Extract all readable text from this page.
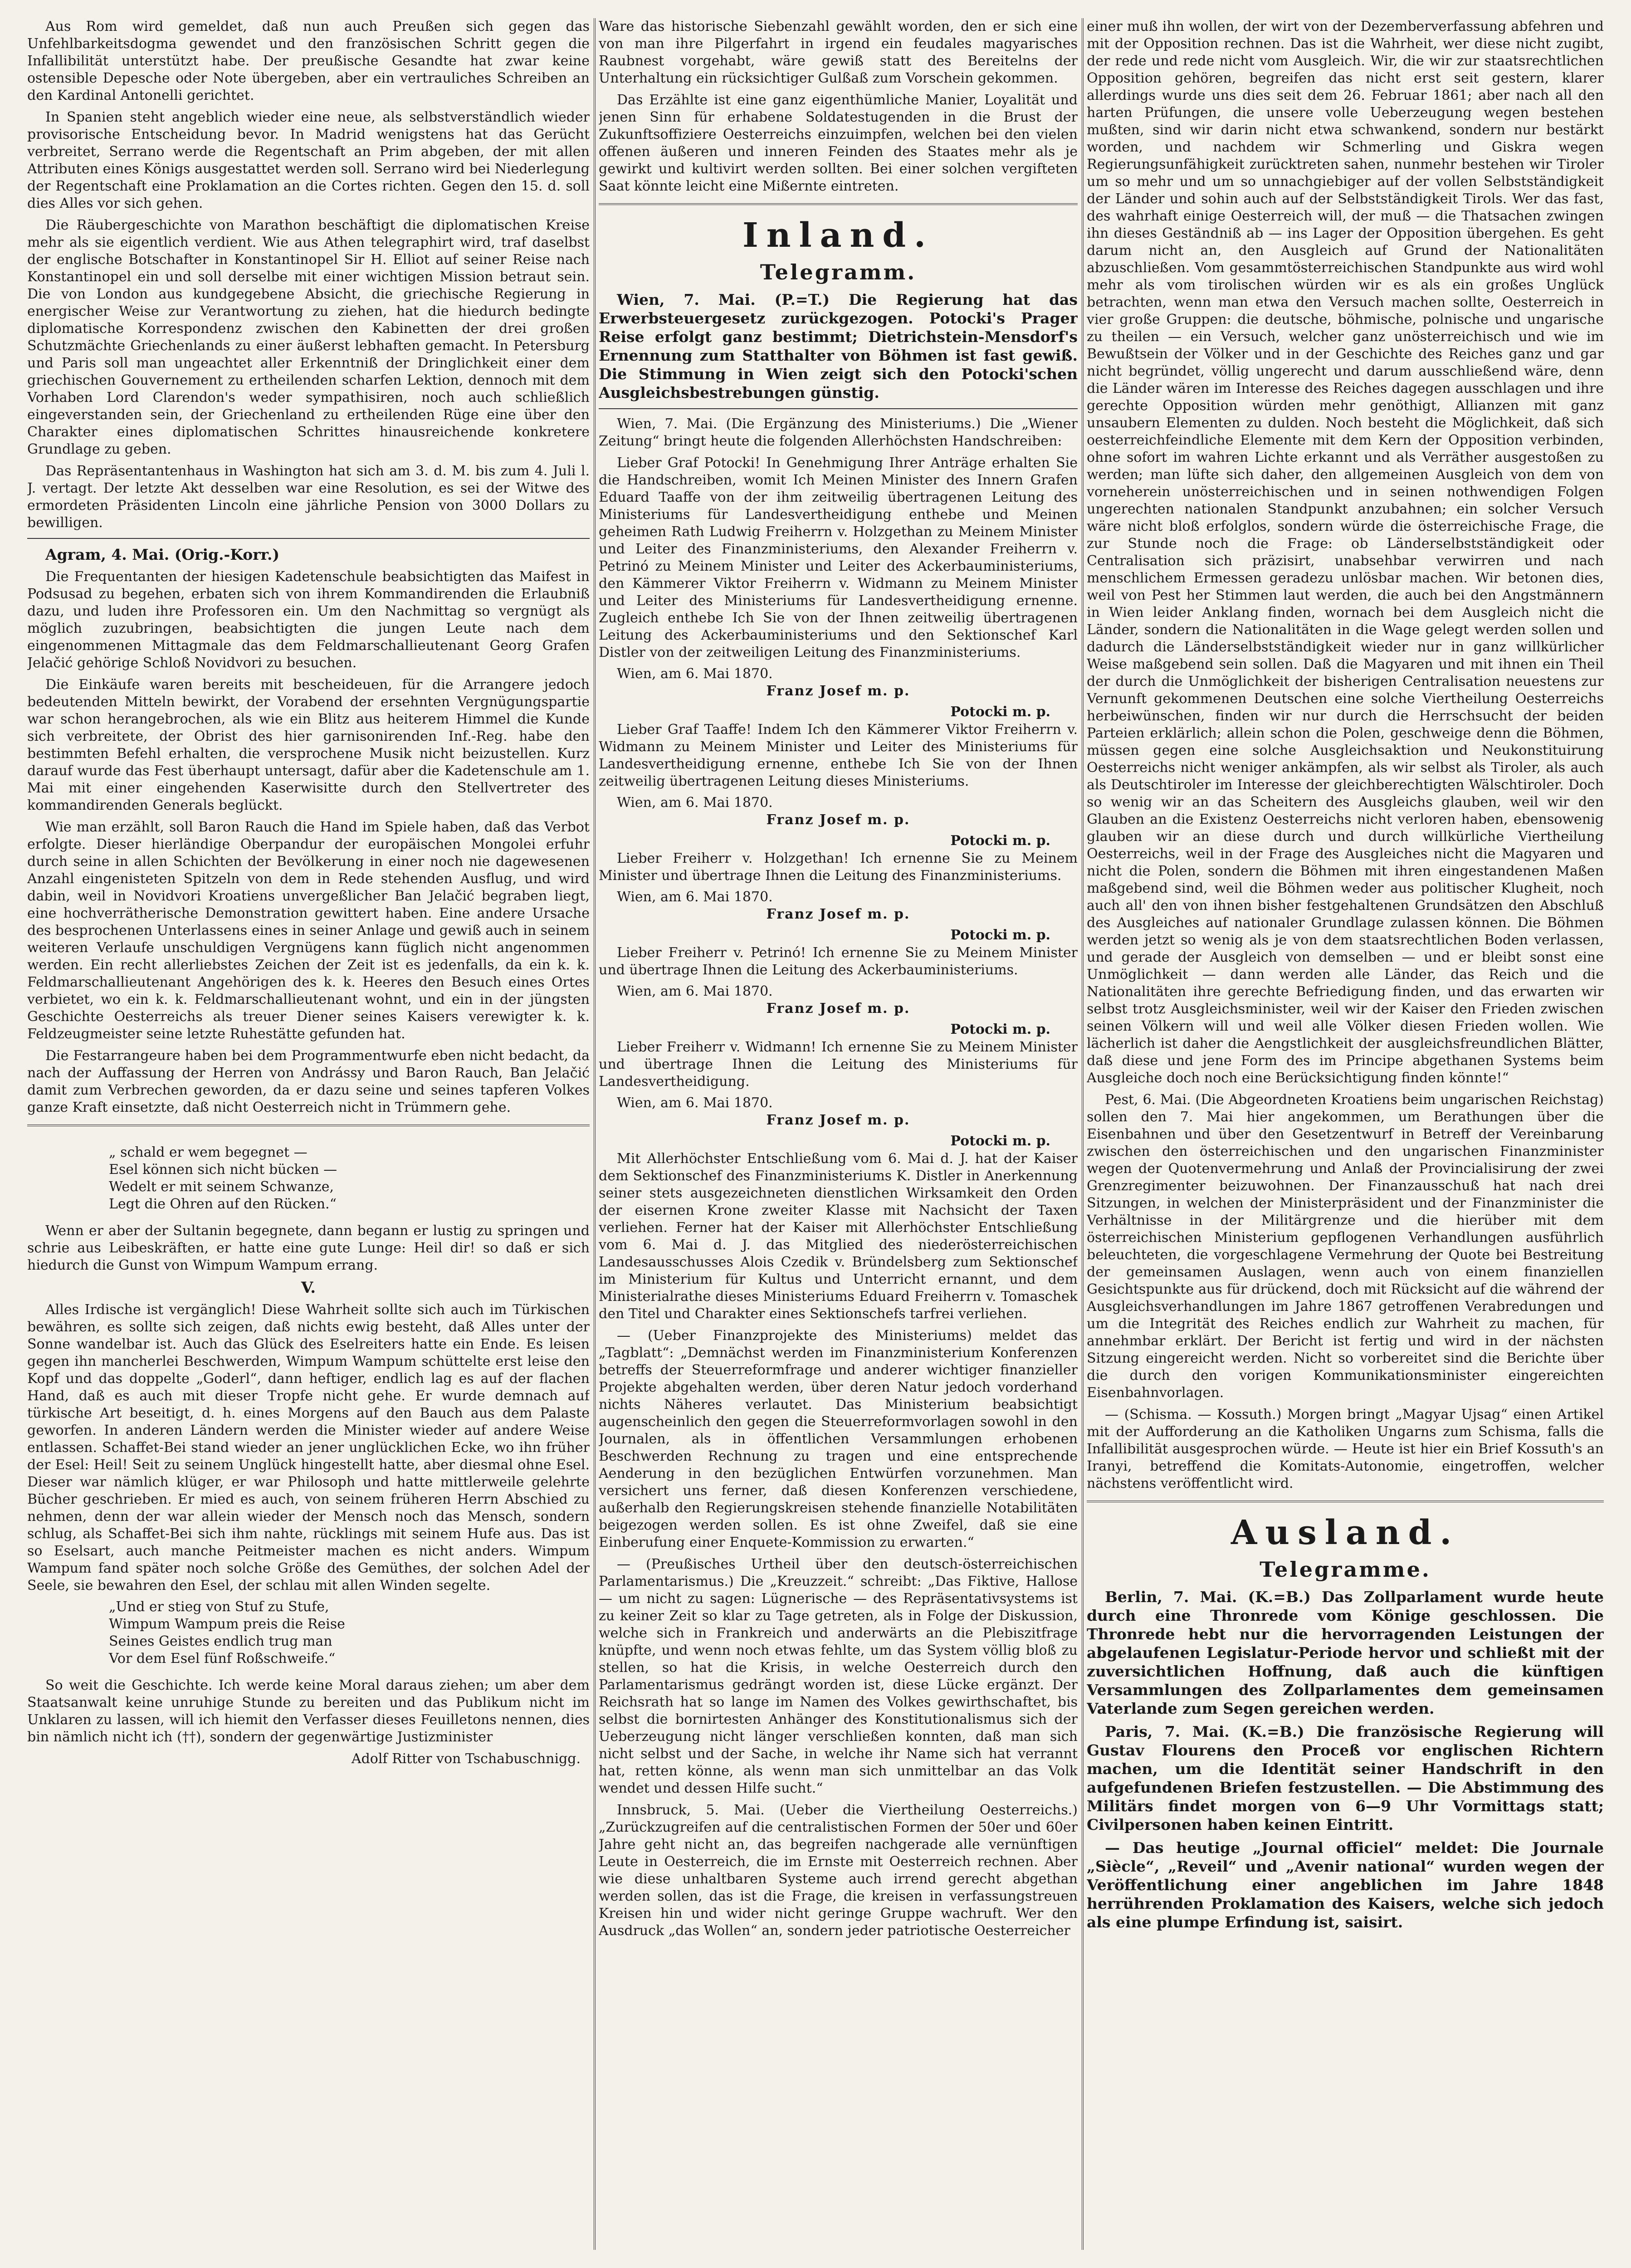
Aus Rom wird gemeldet, daß nun auch Preußen sich gegen das Unfehlbarkeitsdogma gewendet und den französischen Schritt gegen die Infallibilität unterstützt habe. Der preußische Gesandte hat zwar keine ostensible Depesche oder Note übergeben, aber ein vertrauliches Schreiben an den Kardinal Antonelli gerichtet.

In Spanien steht angeblich wieder eine neue, als selbstverständlich wieder provisorische Entscheidung bevor. In Madrid wenigstens hat das Gerücht verbreitet, Serrano werde die Regentschaft an Prim abgeben, der mit allen Attributen eines Königs ausgestattet werden soll. Serrano wird bei Niederlegung der Regentschaft eine Proklamation an die Cortes richten. Gegen den 15. d. soll dies Alles vor sich gehen.

Die Räubergeschichte von Marathon beschäftigt die diplomatischen Kreise mehr als sie eigentlich verdient. Wie aus Athen telegraphirt wird, traf daselbst der englische Botschafter in Konstantinopel Sir H. Elliot auf seiner Reise nach Konstantinopel ein und soll derselbe mit einer wichtigen Mission betraut sein. Die von London aus kundgegebene Absicht, die griechische Regierung in energischer Weise zur Verantwortung zu ziehen, hat die hiedurch bedingte diplomatische Korrespondenz zwischen den Kabinetten der drei großen Schutzmächte Griechenlands zu einer äußerst lebhaften gemacht. In Petersburg und Paris soll man ungeachtet aller Erkenntniß der Dringlichkeit einer dem griechischen Gouvernement zu ertheilenden scharfen Lektion, dennoch mit dem Vorhaben Lord Clarendon's weder sympathisiren, noch auch schließlich eingeverstanden sein, der Griechenland zu ertheilenden Rüge eine über den Charakter eines diplomatischen Schrittes hinausreichende konkretere Grundlage zu geben.

Das Repräsentantenhaus in Washington hat sich am 3. d. M. bis zum 4. Juli l. J. vertagt. Der letzte Akt desselben war eine Resolution, es sei der Witwe des ermordeten Präsidenten Lincoln eine jährliche Pension von 3000 Dollars zu bewilligen.

Agram, 4. Mai. (Orig.-Korr.)

Die Frequentanten der hiesigen Kadetenschule beabsichtigten das Maifest in Podsusad zu begehen, erbaten sich von ihrem Kommandirenden die Erlaubniß dazu, und luden ihre Professoren ein. Um den Nachmittag so vergnügt als möglich zuzubringen, beabsichtigten die jungen Leute nach dem eingenommenen Mittagmale das dem Feldmarschallieutenant Georg Grafen Jelačić gehörige Schloß Novidvori zu besuchen.

Die Einkäufe waren bereits mit bescheideuen, für die Arrangere jedoch bedeutenden Mitteln bewirkt, der Vorabend der ersehnten Vergnügungspartie war schon herangebrochen, als wie ein Blitz aus heiterem Himmel die Kunde sich verbreitete, der Obrist des hier garnisonirenden Inf.-Reg. habe den bestimmten Befehl erhalten, die versprochene Musik nicht beizustellen. Kurz darauf wurde das Fest überhaupt untersagt, dafür aber die Kadetenschule am 1. Mai mit einer eingehenden Kaserwisitte durch den Stellvertreter des kommandirenden Generals beglückt.

Wie man erzählt, soll Baron Rauch die Hand im Spiele haben, daß das Verbot erfolgte. Dieser hierländige Oberpandur der europäischen Mongolei erfuhr durch seine in allen Schichten der Bevölkerung in einer noch nie dagewesenen Anzahl eingenisteten Spitzeln von dem in Rede stehenden Ausflug, und wird dabin, weil in Novidvori Kroatiens unvergeßlicher Ban Jelačić begraben liegt, eine hochverrätherische Demonstration gewittert haben. Eine andere Ursache des besprochenen Unterlassens eines in seiner Anlage und gewiß auch in seinem weiteren Verlaufe unschuldigen Vergnügens kann füglich nicht angenommen werden. Ein recht allerliebstes Zeichen der Zeit ist es jedenfalls, da ein k. k. Feldmarschallieutenant Angehörigen des k. k. Heeres den Besuch eines Ortes verbietet, wo ein k. k. Feldmarschallieutenant wohnt, und ein in der jüngsten Geschichte Oesterreichs als treuer Diener seines Kaisers verewigter k. k. Feldzeugmeister seine letzte Ruhestätte gefunden hat.

Die Festarrangeure haben bei dem Programmentwurfe eben nicht bedacht, da nach der Auffassung der Herren von Andrássy und Baron Rauch, Ban Jelačić damit zum Verbrechen geworden, da er dazu seine und seines tapferen Volkes ganze Kraft einsetzte, daß nicht Oesterreich nicht in Trümmern gehe.

„ schald er wem begegnet —

Esel können sich nicht bücken —

Wedelt er mit seinem Schwanze,

Legt die Ohren auf den Rücken.“

Wenn er aber der Sultanin begegnete, dann begann er lustig zu springen und schrie aus Leibeskräften, er hatte eine gute Lunge: Heil dir! so daß er sich hiedurch die Gunst von Wimpum Wampum errang.

V.

Alles Irdische ist vergänglich! Diese Wahrheit sollte sich auch im Türkischen bewähren, es sollte sich zeigen, daß nichts ewig besteht, daß Alles unter der Sonne wandelbar ist. Auch das Glück des Eselreiters hatte ein Ende. Es leisen gegen ihn mancherlei Beschwerden, Wimpum Wampum schüttelte erst leise den Kopf und das doppelte „Goderl“, dann heftiger, endlich lag es auf der flachen Hand, daß es auch mit dieser Tropfe nicht gehe. Er wurde demnach auf türkische Art beseitigt, d. h. eines Morgens auf den Bauch aus dem Palaste geworfen. In anderen Ländern werden die Minister wieder auf andere Weise entlassen. Schaffet-Bei stand wieder an jener unglücklichen Ecke, wo ihn früher der Esel: Heil! Seit zu seinem Unglück hingestellt hatte, aber diesmal ohne Esel. Dieser war nämlich klüger, er war Philosoph und hatte mittlerweile gelehrte Bücher geschrieben. Er mied es auch, von seinem früheren Herrn Abschied zu nehmen, denn der war allein wieder der Mensch noch das Mensch, sondern schlug, als Schaffet-Bei sich ihm nahte, rücklings mit seinem Hufe aus. Das ist so Eselsart, auch manche Peitmeister machen es nicht anders. Wimpum Wampum fand später noch solche Größe des Gemüthes, der solchen Adel der Seele, sie bewahren den Esel, der schlau mit allen Winden segelte.

„Und er stieg von Stuf zu Stufe,

Wimpum Wampum preis die Reise

Seines Geistes endlich trug man

Vor dem Esel fünf Roßschweife.“

So weit die Geschichte. Ich werde keine Moral daraus ziehen; um aber dem Staatsanwalt keine unruhige Stunde zu bereiten und das Publikum nicht im Unklaren zu lassen, will ich hiemit den Verfasser dieses Feuilletons nennen, dies bin nämlich nicht ich (††), sondern der gegenwärtige Justizminister

Adolf Ritter von Tschabuschnigg.

Ware das historische Siebenzahl gewählt worden, den er sich eine von man ihre Pilgerfahrt in irgend ein feudales magyarisches Raubnest vorgehabt, wäre gewiß statt des Bereitelns der Unterhaltung ein rücksichtiger Gulßaß zum Vorschein gekommen.

Das Erzählte ist eine ganz eigenthümliche Manier, Loyalität und jenen Sinn für erhabene Soldatestugenden in die Brust der Zukunftsoffiziere Oesterreichs einzuimpfen, welchen bei den vielen offenen äußeren und inneren Feinden des Staates mehr als je gewirkt und kultivirt werden sollten. Bei einer solchen vergifteten Saat könnte leicht eine Mißernte eintreten.

Inland.
Telegramm.

Wien, 7. Mai. (P.=T.) Die Regierung hat das Erwerbsteuergesetz zurückgezogen. Potocki's Prager Reise erfolgt ganz bestimmt; Dietrichstein-Mensdorf's Ernennung zum Statthalter von Böhmen ist fast gewiß. Die Stimmung in Wien zeigt sich den Potocki'schen Ausgleichsbestrebungen günstig.

Wien, 7. Mai. (Die Ergänzung des Ministeriums.) Die „Wiener Zeitung“ bringt heute die folgenden Allerhöchsten Handschreiben:

Lieber Graf Potocki! In Genehmigung Ihrer Anträge erhalten Sie die Handschreiben, womit Ich Meinen Minister des Innern Grafen Eduard Taaffe von der ihm zeitweilig übertragenen Leitung des Ministeriums für Landesvertheidigung enthebe und Meinen geheimen Rath Ludwig Freiherrn v. Holzgethan zu Meinem Minister und Leiter des Finanzministeriums, den Alexander Freiherrn v. Petrinó zu Meinem Minister und Leiter des Ackerbauministeriums, den Kämmerer Viktor Freiherrn v. Widmann zu Meinem Minister und Leiter des Ministeriums für Landesvertheidigung ernenne. Zugleich enthebe Ich Sie von der Ihnen zeitweilig übertragenen Leitung des Ackerbauministeriums und den Sektionschef Karl Distler von der zeitweiligen Leitung des Finanzministeriums.

Wien, am 6. Mai 1870.

Franz Josef m. p.

Potocki m. p.

Lieber Graf Taaffe! Indem Ich den Kämmerer Viktor Freiherrn v. Widmann zu Meinem Minister und Leiter des Ministeriums für Landesvertheidigung ernenne, enthebe Ich Sie von der Ihnen zeitweilig übertragenen Leitung dieses Ministeriums.

Wien, am 6. Mai 1870.

Franz Josef m. p.

Potocki m. p.

Lieber Freiherr v. Holzgethan! Ich ernenne Sie zu Meinem Minister und übertrage Ihnen die Leitung des Finanzministeriums.

Wien, am 6. Mai 1870.

Franz Josef m. p.

Potocki m. p.

Lieber Freiherr v. Petrinó! Ich ernenne Sie zu Meinem Minister und übertrage Ihnen die Leitung des Ackerbauministeriums.

Wien, am 6. Mai 1870.

Franz Josef m. p.

Potocki m. p.

Lieber Freiherr v. Widmann! Ich ernenne Sie zu Meinem Minister und übertrage Ihnen die Leitung des Ministeriums für Landesvertheidigung.

Wien, am 6. Mai 1870.

Franz Josef m. p.

Potocki m. p.

Mit Allerhöchster Entschließung vom 6. Mai d. J. hat der Kaiser dem Sektionschef des Finanzministeriums K. Distler in Anerkennung seiner stets ausgezeichneten dienstlichen Wirksamkeit den Orden der eisernen Krone zweiter Klasse mit Nachsicht der Taxen verliehen. Ferner hat der Kaiser mit Allerhöchster Entschließung vom 6. Mai d. J. das Mitglied des niederösterreichischen Landesausschusses Alois Czedik v. Bründelsberg zum Sektionschef im Ministerium für Kultus und Unterricht ernannt, und dem Ministerialrathe dieses Ministeriums Eduard Freiherrn v. Tomaschek den Titel und Charakter eines Sektionschefs tarfrei verliehen.

— (Ueber Finanzprojekte des Ministeriums) meldet das „Tagblatt“: „Demnächst werden im Finanzministerium Konferenzen betreffs der Steuerreformfrage und anderer wichtiger finanzieller Projekte abgehalten werden, über deren Natur jedoch vorderhand nichts Näheres verlautet. Das Ministerium beabsichtigt augenscheinlich den gegen die Steuerreformvorlagen sowohl in den Journalen, als in öffentlichen Versammlungen erhobenen Beschwerden Rechnung zu tragen und eine entsprechende Aenderung in den bezüglichen Entwürfen vorzunehmen. Man versichert uns ferner, daß diesen Konferenzen verschiedene, außerhalb den Regierungskreisen stehende finanzielle Notabilitäten beigezogen werden sollen. Es ist ohne Zweifel, daß sie eine Einberufung einer Enquete-Kommission zu erwarten.“

— (Preußisches Urtheil über den deutsch-österreichischen Parlamentarismus.) Die „Kreuzzeit.“ schreibt: „Das Fiktive, Hallose — um nicht zu sagen: Lügnerische — des Repräsentativsystems ist zu keiner Zeit so klar zu Tage getreten, als in Folge der Diskussion, welche sich in Frankreich und anderwärts an die Plebiszitfrage knüpfte, und wenn noch etwas fehlte, um das System völlig bloß zu stellen, so hat die Krisis, in welche Oesterreich durch den Parlamentarismus gedrängt worden ist, diese Lücke ergänzt. Der Reichsrath hat so lange im Namen des Volkes gewirthschaftet, bis selbst die bornirtesten Anhänger des Konstitutionalismus sich der Ueberzeugung nicht länger verschließen konnten, daß man sich nicht selbst und der Sache, in welche ihr Name sich hat verrannt hat, retten könne, als wenn man sich unmittelbar an das Volk wendet und dessen Hilfe sucht.“

Innsbruck, 5. Mai. (Ueber die Viertheilung Oesterreichs.) „Zurückzugreifen auf die centralistischen Formen der 50er und 60er Jahre geht nicht an, das begreifen nachgerade alle vernünftigen Leute in Oesterreich, die im Ernste mit Oesterreich rechnen. Aber wie diese unhaltbaren Systeme auch irrend gerecht abgethan werden sollen, das ist die Frage, die kreisen in verfassungstreuen Kreisen hin und wider nicht geringe Gruppe wachruft. Wer den Ausdruck „das Wollen“ an, sondern jeder patriotische Oesterreicher

einer muß ihn wollen, der wirt von der Dezemberverfassung abfehren und mit der Opposition rechnen. Das ist die Wahrheit, wer diese nicht zugibt, der rede und rede nicht vom Ausgleich. Wir, die wir zur staatsrechtlichen Opposition gehören, begreifen das nicht erst seit gestern, klarer allerdings wurde uns dies seit dem 26. Februar 1861; aber nach all den harten Prüfungen, die unsere volle Ueberzeugung wegen bestehen mußten, sind wir darin nicht etwa schwankend, sondern nur bestärkt worden, und nachdem wir Schmerling und Giskra wegen Regierungsunfähigkeit zurücktreten sahen, nunmehr bestehen wir Tiroler um so mehr und um so unnachgiebiger auf der vollen Selbstständigkeit der Länder und sohin auch auf der Selbstständigkeit Tirols. Wer das fast, des wahrhaft einige Oesterreich will, der muß — die Thatsachen zwingen ihn dieses Geständniß ab — ins Lager der Opposition übergehen. Es geht darum nicht an, den Ausgleich auf Grund der Nationalitäten abzuschließen. Vom gesammtösterreichischen Standpunkte aus wird wohl mehr als vom tirolischen würden wir es als ein großes Unglück betrachten, wenn man etwa den Versuch machen sollte, Oesterreich in vier große Gruppen: die deutsche, böhmische, polnische und ungarische zu theilen — ein Versuch, welcher ganz unösterreichisch und wie im Bewußtsein der Völker und in der Geschichte des Reiches ganz und gar nicht begründet, völlig ungerecht und darum ausschließend wäre, denn die Länder wären im Interesse des Reiches dagegen ausschlagen und ihre gerechte Opposition würden mehr genöthigt, Allianzen mit ganz unsaubern Elementen zu dulden. Noch besteht die Möglichkeit, daß sich oesterreichfeindliche Elemente mit dem Kern der Opposition verbinden, ohne sofort im wahren Lichte erkannt und als Verräther ausgestoßen zu werden; man lüfte sich daher, den allgemeinen Ausgleich von dem von vorneherein unösterreichischen und in seinen nothwendigen Folgen ungerechten nationalen Standpunkt anzubahnen; ein solcher Versuch wäre nicht bloß erfolglos, sondern würde die österreichische Frage, die zur Stunde noch die Frage: ob Länderselbstständigkeit oder Centralisation sich präzisirt, unabsehbar verwirren und nach menschlichem Ermessen geradezu unlösbar machen. Wir betonen dies, weil von Pest her Stimmen laut werden, die auch bei den Angstmännern in Wien leider Anklang finden, wornach bei dem Ausgleich nicht die Länder, sondern die Nationalitäten in die Wage gelegt werden sollen und dadurch die Länderselbstständigkeit wieder nur in ganz willkürlicher Weise maßgebend sein sollen. Daß die Magyaren und mit ihnen ein Theil der durch die Unmöglichkeit der bisherigen Centralisation neuestens zur Vernunft gekommenen Deutschen eine solche Viertheilung Oesterreichs herbeiwünschen, finden wir nur durch die Herrschsucht der beiden Parteien erklärlich; allein schon die Polen, geschweige denn die Böhmen, müssen gegen eine solche Ausgleichsaktion und Neukonstituirung Oesterreichs nicht weniger ankämpfen, als wir selbst als Tiroler, als auch als Deutschtiroler im Interesse der gleichberechtigten Wälschtiroler. Doch so wenig wir an das Scheitern des Ausgleichs glauben, weil wir den Glauben an die Existenz Oesterreichs nicht verloren haben, ebensowenig glauben wir an diese durch und durch willkürliche Viertheilung Oesterreichs, weil in der Frage des Ausgleiches nicht die Magyaren und nicht die Polen, sondern die Böhmen mit ihren eingestandenen Maßen maßgebend sind, weil die Böhmen weder aus politischer Klugheit, noch auch all' den von ihnen bisher festgehaltenen Grundsätzen den Abschluß des Ausgleiches auf nationaler Grundlage zulassen können. Die Böhmen werden jetzt so wenig als je von dem staatsrechtlichen Boden verlassen, und gerade der Ausgleich von demselben — und er bleibt sonst eine Unmöglichkeit — dann werden alle Länder, das Reich und die Nationalitäten ihre gerechte Befriedigung finden, und das erwarten wir selbst trotz Ausgleichsminister, weil wir der Kaiser den Frieden zwischen seinen Völkern will und weil alle Völker diesen Frieden wollen. Wie lächerlich ist daher die Aengstlichkeit der ausgleichsfreundlichen Blätter, daß diese und jene Form des im Principe abgethanen Systems beim Ausgleiche doch noch eine Berücksichtigung finden könnte!“

Pest, 6. Mai. (Die Abgeordneten Kroatiens beim ungarischen Reichstag) sollen den 7. Mai hier angekommen, um Berathungen über die Eisenbahnen und über den Gesetzentwurf in Betreff der Vereinbarung zwischen den österreichischen und den ungarischen Finanzminister wegen der Quotenvermehrung und Anlaß der Provincialisirung der zwei Grenzregimenter beizuwohnen. Der Finanzausschuß hat nach drei Sitzungen, in welchen der Ministerpräsident und der Finanzminister die Verhältnisse in der Militärgrenze und die hierüber mit dem österreichischen Ministerium gepflogenen Verhandlungen ausführlich beleuchteten, die vorgeschlagene Vermehrung der Quote bei Bestreitung der gemeinsamen Auslagen, wenn auch von einem finanziellen Gesichtspunkte aus für drückend, doch mit Rücksicht auf die während der Ausgleichsverhandlungen im Jahre 1867 getroffenen Verabredungen und um die Integrität des Reiches endlich zur Wahrheit zu machen, für annehmbar erklärt. Der Bericht ist fertig und wird in der nächsten Sitzung eingereicht werden. Nicht so vorbereitet sind die Berichte über die durch den vorigen Kommunikationsminister eingereichten Eisenbahnvorlagen.

— (Schisma. — Kossuth.) Morgen bringt „Magyar Ujsag“ einen Artikel mit der Aufforderung an die Katholiken Ungarns zum Schisma, falls die Infallibilität ausgesprochen würde. — Heute ist hier ein Brief Kossuth's an Iranyi, betreffend die Komitats-Autonomie, eingetroffen, welcher nächstens veröffentlicht wird.

Ausland.
Telegramme.

Berlin, 7. Mai. (K.=B.) Das Zollparlament wurde heute durch eine Thronrede vom Könige geschlossen. Die Thronrede hebt nur die hervorragenden Leistungen der abgelaufenen Legislatur-Periode hervor und schließt mit der zuversichtlichen Hoffnung, daß auch die künftigen Versammlungen des Zollparlamentes dem gemeinsamen Vaterlande zum Segen gereichen werden.

Paris, 7. Mai. (K.=B.) Die französische Regierung will Gustav Flourens den Proceß vor englischen Richtern machen, um die Identität seiner Handschrift in den aufgefundenen Briefen festzustellen. — Die Abstimmung des Militärs findet morgen von 6—9 Uhr Vormittags statt; Civilpersonen haben keinen Eintritt.

— Das heutige „Journal officiel“ meldet: Die Journale „Siècle“, „Reveil“ und „Avenir national“ wurden wegen der Veröffentlichung einer angeblichen im Jahre 1848 herrührenden Proklamation des Kaisers, welche sich jedoch als eine plumpe Erfindung ist, saisirt.
